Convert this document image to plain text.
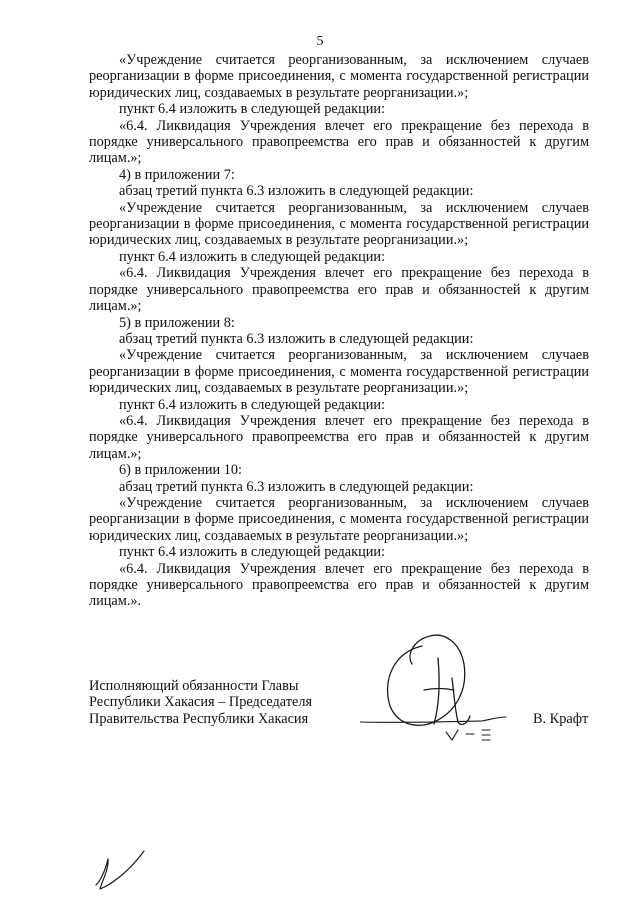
5

«Учреждение считается реорганизованным, за исключением случаев реорганизации в форме присоединения, с момента государственной регистрации юридических лиц, создаваемых в результате реорганизации.»;

пункт 6.4 изложить в следующей редакции:

«6.4. Ликвидация Учреждения влечет его прекращение без перехода в порядке универсального правопреемства его прав и обязанностей к другим лицам.»;

4) в приложении 7:

абзац третий пункта 6.3 изложить в следующей редакции:

«Учреждение считается реорганизованным, за исключением случаев реорганизации в форме присоединения, с момента государственной регистрации юридических лиц, создаваемых в результате реорганизации.»;

пункт 6.4 изложить в следующей редакции:

«6.4. Ликвидация Учреждения влечет его прекращение без перехода в порядке универсального правопреемства его прав и обязанностей к другим лицам.»;

5) в приложении 8:

абзац третий пункта 6.3 изложить в следующей редакции:

«Учреждение считается реорганизованным, за исключением случаев реорганизации в форме присоединения, с момента государственной регистрации юридических лиц, создаваемых в результате реорганизации.»;

пункт 6.4 изложить в следующей редакции:

«6.4. Ликвидация Учреждения влечет его прекращение без перехода в порядке универсального правопреемства его прав и обязанностей к другим лицам.»;

6) в приложении 10:

абзац третий пункта 6.3 изложить в следующей редакции:

«Учреждение считается реорганизованным, за исключением случаев реорганизации в форме присоединения, с момента государственной регистрации юридических лиц, создаваемых в результате реорганизации.»;

пункт 6.4 изложить в следующей редакции:

«6.4. Ликвидация Учреждения влечет его прекращение без перехода в порядке универсального правопреемства его прав и обязанностей к другим лицам.».

Исполняющий обязанности Главы
Республики Хакасия – Председателя
Правительства Республики Хакасия	В. Крафт
